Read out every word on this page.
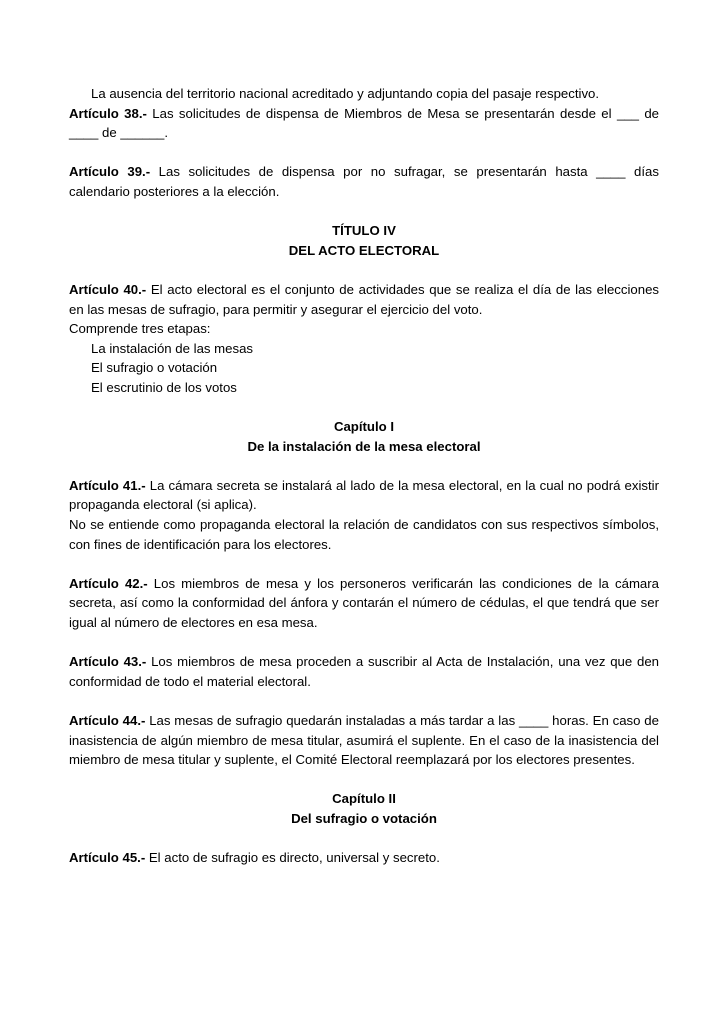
La ausencia del territorio nacional acreditado y adjuntando copia del pasaje respectivo.

Artículo 38.- Las solicitudes de dispensa de Miembros de Mesa se presentarán desde el ___ de ____ de ______.

Artículo 39.- Las solicitudes de dispensa por no sufragar, se presentarán hasta ____ días calendario posteriores a la elección.

TÍTULO IV

DEL ACTO ELECTORAL

Artículo 40.- El acto electoral es el conjunto de actividades que se realiza el día de las elecciones en las mesas de sufragio, para permitir y asegurar el ejercicio del voto.

Comprende tres etapas:

La instalación de las mesas

El sufragio o votación

El escrutinio de los votos

Capítulo I

De la instalación de la mesa electoral

Artículo 41.- La cámara secreta se instalará al lado de la mesa electoral, en la cual no podrá existir propaganda electoral (si aplica).

No se entiende como propaganda electoral la relación de candidatos con sus respectivos símbolos, con fines de identificación para los electores.

Artículo 42.- Los miembros de mesa y los personeros verificarán las condiciones de la cámara secreta, así como la conformidad del ánfora y contarán el número de cédulas, el que tendrá que ser igual al número de electores en esa mesa.

Artículo 43.- Los miembros de mesa proceden a suscribir al Acta de Instalación, una vez que den conformidad de todo el material electoral.

Artículo 44.- Las mesas de sufragio quedarán instaladas a más tardar a las ____ horas. En caso de inasistencia de algún miembro de mesa titular, asumirá el suplente. En el caso de la inasistencia del miembro de mesa titular y suplente, el Comité Electoral reemplazará por los electores presentes.

Capítulo II

Del sufragio o votación

Artículo 45.- El acto de sufragio es directo, universal y secreto.
